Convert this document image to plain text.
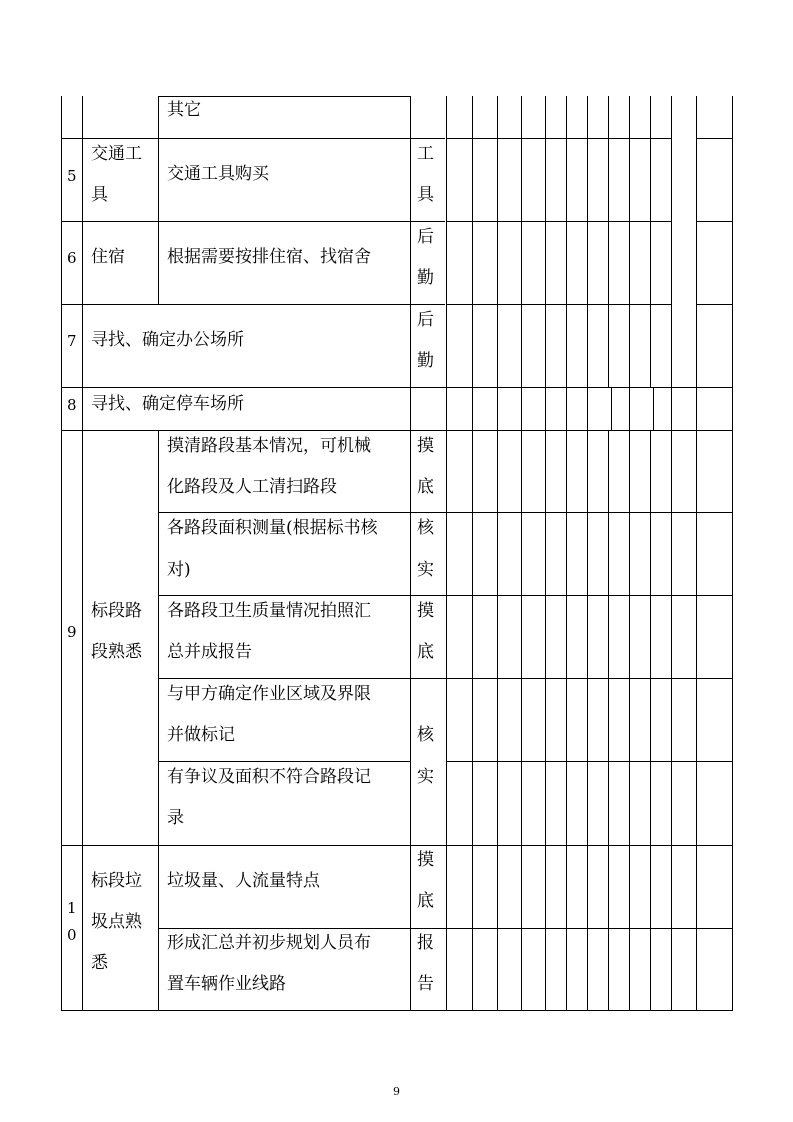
其它
5
交通工
具
交通工具购买
工
具
6 住宿 根据需要按排住宿、找宿舍
后
勤
7 寻找、确定办公场所
后
勤
8 寻找、确定停车场所
9
标段路
段熟悉
摸清路段基本情况，可机械
化路段及人工清扫路段
摸
底
各路段面积测量(根据标书核
对)
核
实
各路段卫生质量情况拍照汇
总并成报告
摸
底
与甲方确定作业区域及界限
并做标记	核
有争议及面积不符合路段记
录
实
1
0
标段垃
圾点熟
悉
垃圾量、人流量特点
摸
底
形成汇总并初步规划人员布
置车辆作业线路
报
告
9
